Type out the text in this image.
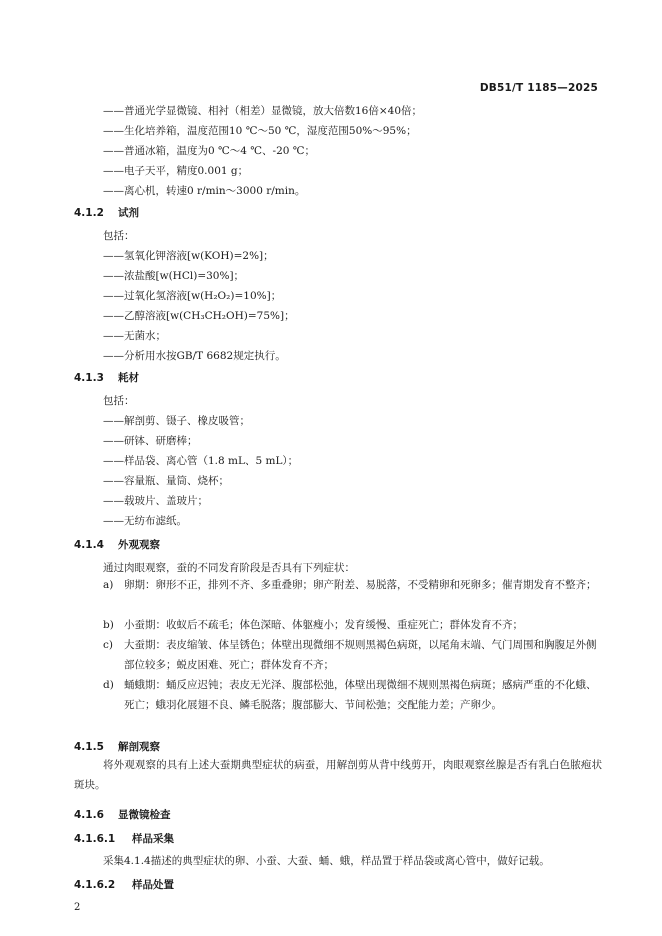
DB51/T 1185—2025
——普通光学显微镜、相衬（相差）显微镜，放大倍数16倍×40倍；
——生化培养箱，温度范围10 ℃～50 ℃，湿度范围50%～95%；
——普通冰箱，温度为0 ℃～4 ℃、-20 ℃；
——电子天平，精度0.001 g；
——离心机，转速0 r/min～3000 r/min。
4.1.2 试剂
包括：
——氢氧化钾溶液[w(KOH)=2%]；
——浓盐酸[w(HCl)=30%]；
——过氧化氢溶液[w(H₂O₂)=10%]；
——乙醇溶液[w(CH₃CH₂OH)=75%]；
——无菌水；
——分析用水按GB/T 6682规定执行。
4.1.3 耗材
包括：
——解剖剪、镊子、橡皮吸管；
——研钵、研磨棒；
——样品袋、离心管（1.8 mL、5 mL）；
——容量瓶、量筒、烧杯；
——载玻片、盖玻片；
——无纺布滤纸。
4.1.4 外观观察
通过肉眼观察，蚕的不同发育阶段是否具有下列症状：
a)	卵期：卵形不正，排列不齐、多重叠卵；卵产附差、易脱落，不受精卵和死卵多；催青期发育不整齐；
b) 小蚕期：收蚁后不疏毛；体色深暗、体躯瘦小；发育缓慢、重症死亡；群体发育不齐；
c)	大蚕期：表皮缩皱、体呈锈色；体壁出现微细不规则黑褐色病斑，以尾角末端、气门周围和胸腹足外侧部位较多；蜕皮困难、死亡；群体发育不齐；
d) 蛹蛾期：蛹反应迟钝；表皮无光泽、腹部松弛，体壁出现微细不规则黑褐色病斑；感病严重的不化蛾、死亡；蛾羽化展翅不良、鳞毛脱落；腹部膨大、节间松弛；交配能力差；产卵少。
4.1.5 解剖观察
将外观观察的具有上述大蚕期典型症状的病蚕，用解剖剪从背中线剪开，肉眼观察丝腺是否有乳白色脓疱状斑块。
4.1.6 显微镜检查
4.1.6.1 样品采集
采集4.1.4描述的典型症状的卵、小蚕、大蚕、蛹、蛾，样品置于样品袋或离心管中，做好记载。
4.1.6.2 样品处置
2
